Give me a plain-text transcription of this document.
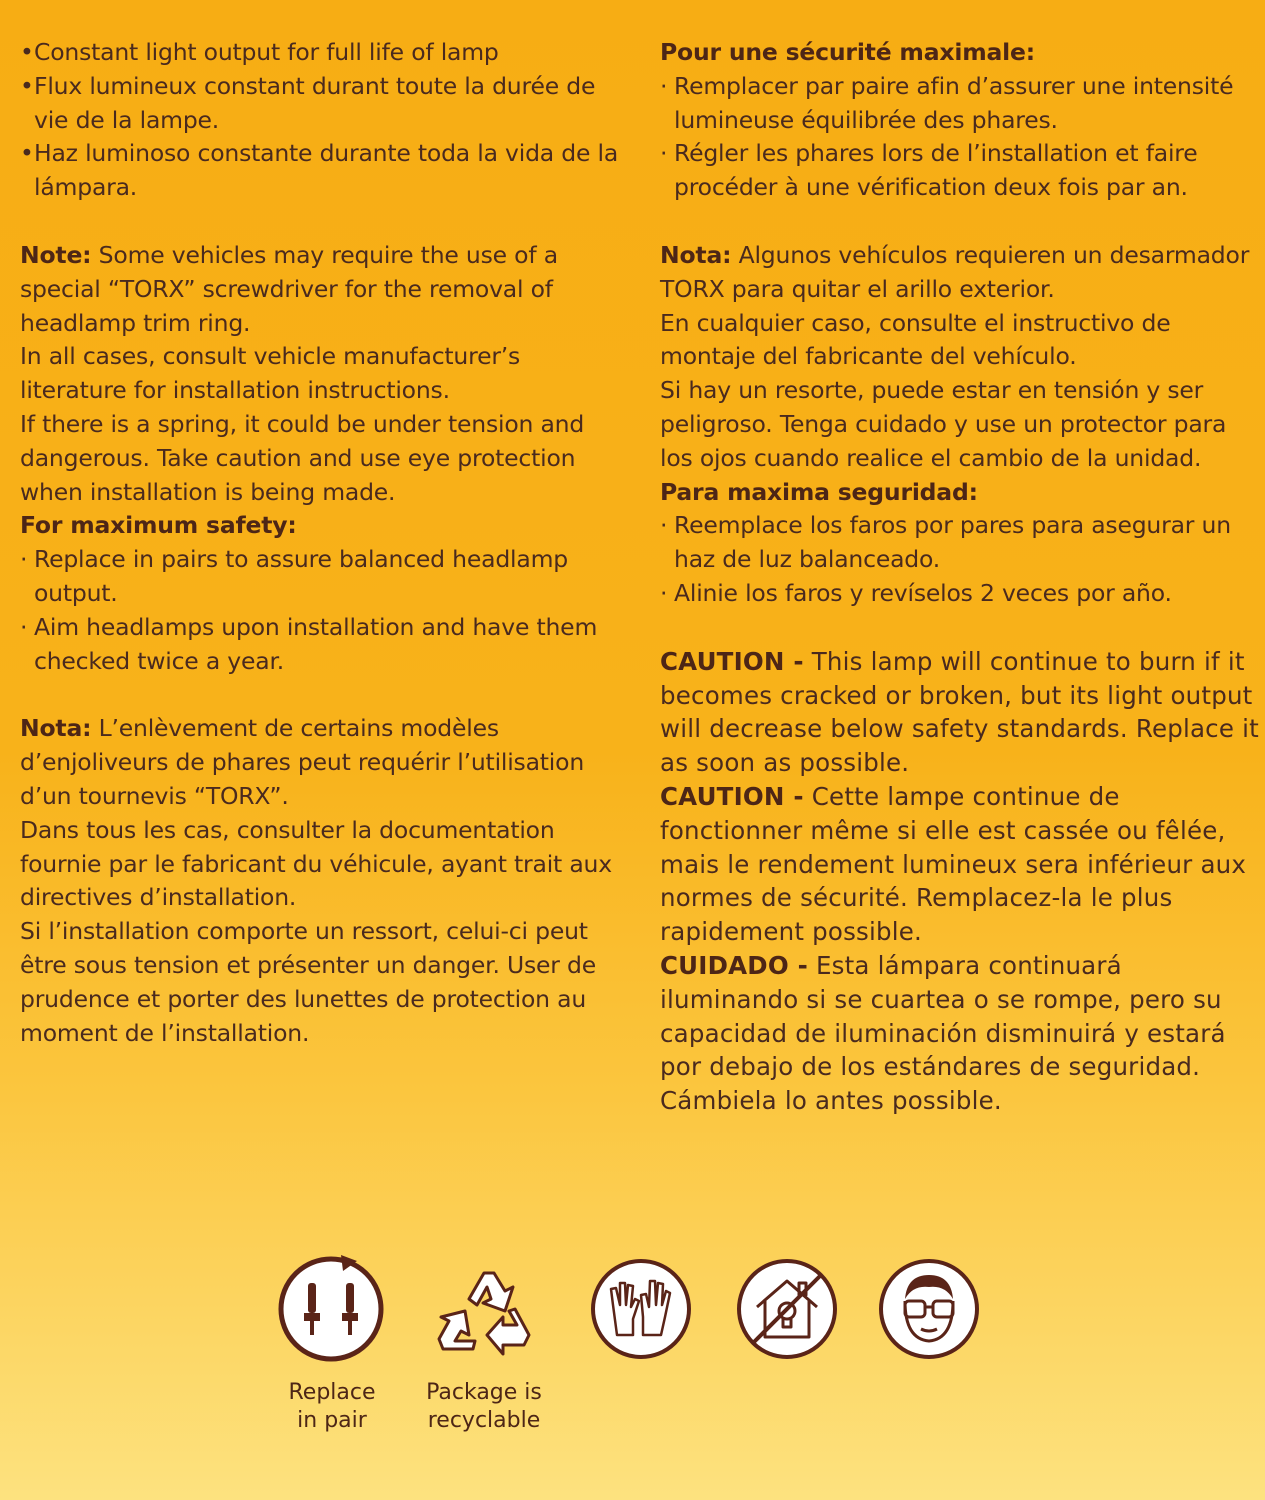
• Constant light output for full life of lamp
• Flux lumineux constant durant toute la durée de vie de la lampe.
• Haz luminoso constante durante toda la vida de la lámpara.

Note: Some vehicles may require the use of a special “TORX” screwdriver for the removal of headlamp trim ring.

In all cases, consult vehicle manufacturer’s literature for installation instructions.

If there is a spring, it could be under tension and dangerous. Take caution and use eye protection when installation is being made.

For maximum safety:

· Replace in pairs to assure balanced headlamp output.
· Aim headlamps upon installation and have them checked twice a year.

Nota: L’enlèvement de certains modèles d’enjoliveurs de phares peut requérir l’utilisation d’un tournevis “TORX”.

Dans tous les cas, consulter la documentation fournie par le fabricant du véhicule, ayant trait aux directives d’installation.

Si l’installation comporte un ressort, celui-ci peut être sous tension et présenter un danger. User de prudence et porter des lunettes de protection au moment de l’installation.

Pour une sécurité maximale:

· Remplacer par paire afin d’assurer une intensité lumineuse équilibrée des phares.
· Régler les phares lors de l’installation et faire procéder à une vérification deux fois par an.

Nota: Algunos vehículos requieren un desarmador TORX para quitar el arillo exterior.

En cualquier caso, consulte el instructivo de montaje del fabricante del vehículo.

Si hay un resorte, puede estar en tensión y ser peligroso. Tenga cuidado y use un protector para los ojos cuando realice el cambio de la unidad.

Para maxima seguridad:

· Reemplace los faros por pares para asegurar un haz de luz balanceado.
· Alinie los faros y revíselos 2 veces por año.

CAUTION - This lamp will continue to burn if it becomes cracked or broken, but its light output will decrease below safety standards. Replace it as soon as possible.

CAUTION - Cette lampe continue de fonctionner même si elle est cassée ou fêlée, mais le rendement lumineux sera inférieur aux normes de sécurité. Remplacez-la le plus rapidement possible.

CUIDADO - Esta lámpara continuará iluminando si se cuartea o se rompe, pero su capacidad de iluminación disminuirá y estará por debajo de los estándares de seguridad. Cámbiela lo antes possible.

Replace
in pair
Package is
recyclable
